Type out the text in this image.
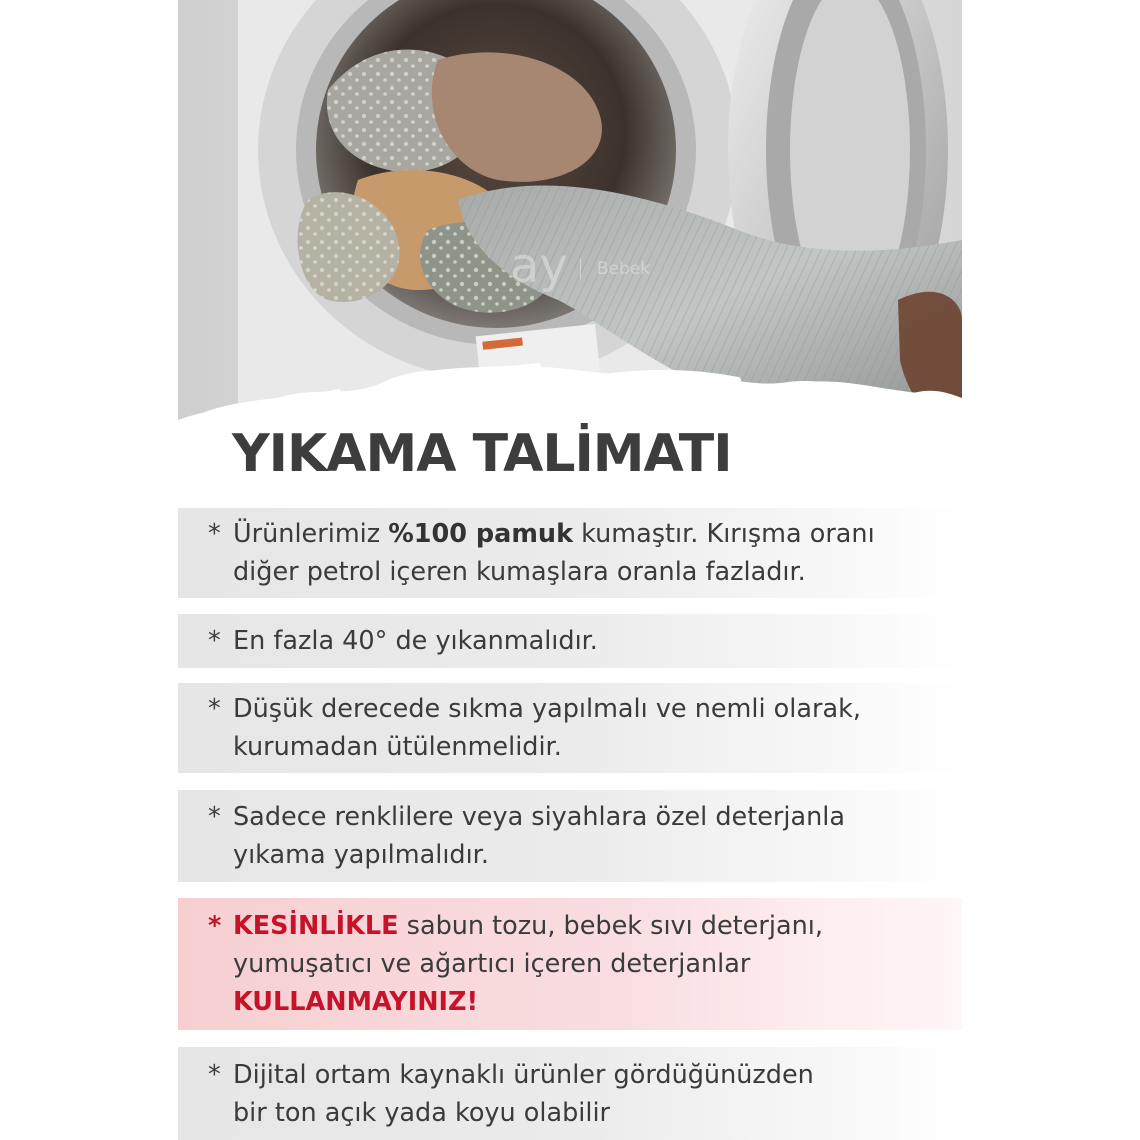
ay Bebek
YIKAMA TALİMATI

* Ürünlerimiz %100 pamuk kumaştır. Kırışma oranı
diğer petrol içeren kumaşlara oranla fazladır.

* En fazla 40° de yıkanmalıdır.

* Düşük derecede sıkma yapılmalı ve nemli olarak,
kurumadan ütülenmelidir.

* Sadece renklilere veya siyahlara özel deterjanla
yıkama yapılmalıdır.

* KESİNLİKLE sabun tozu, bebek sıvı deterjanı,
yumuşatıcı ve ağartıcı içeren deterjanlar
KULLANMAYINIZ!

* Dijital ortam kaynaklı ürünler gördüğünüzden
bir ton açık yada koyu olabilir
